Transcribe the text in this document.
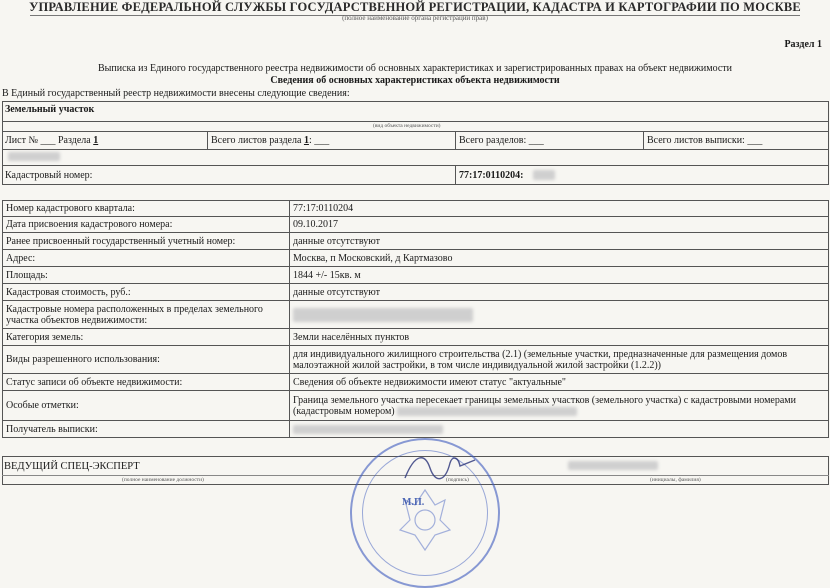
УПРАВЛЕНИЕ ФЕДЕРАЛЬНОЙ СЛУЖБЫ ГОСУДАРСТВЕННОЙ РЕГИСТРАЦИИ, КАДАСТРА И КАРТОГРАФИИ ПО МОСКВЕ
(полное наименование органа регистрации прав)
Раздел 1
Выписка из Единого государственного реестра недвижимости об основных характеристиках и зарегистрированных правах на объект недвижимости
Сведения об основных характеристиках объекта недвижимости
В Единый государственный реестр недвижимости внесены следующие сведения:
Земельный участок
(вид объекта недвижимости)
Лист № ___ Раздела 1	Всего листов раздела 1: ___	Всего разделов: ___	Всего листов выписки: ___
Кадастровый номер:	77:17:0110204:
Номер кадастрового квартала:	77:17:0110204
Дата присвоения кадастрового номера:	09.10.2017
Ранее присвоенный государственный учетный номер:	данные отсутствуют
Адрес:	Москва, п Московский, д Картмазово
Площадь:	1844 +/- 15кв. м
Кадастровая стоимость, руб.:	данные отсутствуют
Кадастровые номера расположенных в пределах земельного участка объектов недвижимости:	

Категория земель:	Земли населённых пунктов
Виды разрешенного использования:	для индивидуального жилищного строительства (2.1) (земельные участки, предназначенные для размещения домов малоэтажной жилой застройки, в том числе индивидуальной жилой застройки (1.2.2))
Статус записи об объекте недвижимости:	Сведения об объекте недвижимости имеют статус "актуальные"
Особые отметки:	Граница земельного участка пересекает границы земельных участков (земельного участка) с кадастровыми номерами (кадастровым номером)
Получатель выписки:	
ВЕДУЩИЙ СПЕЦ-ЭКСПЕРТ
(полное наименование должности)	(подпись)	(инициалы, фамилия)
М.П.
